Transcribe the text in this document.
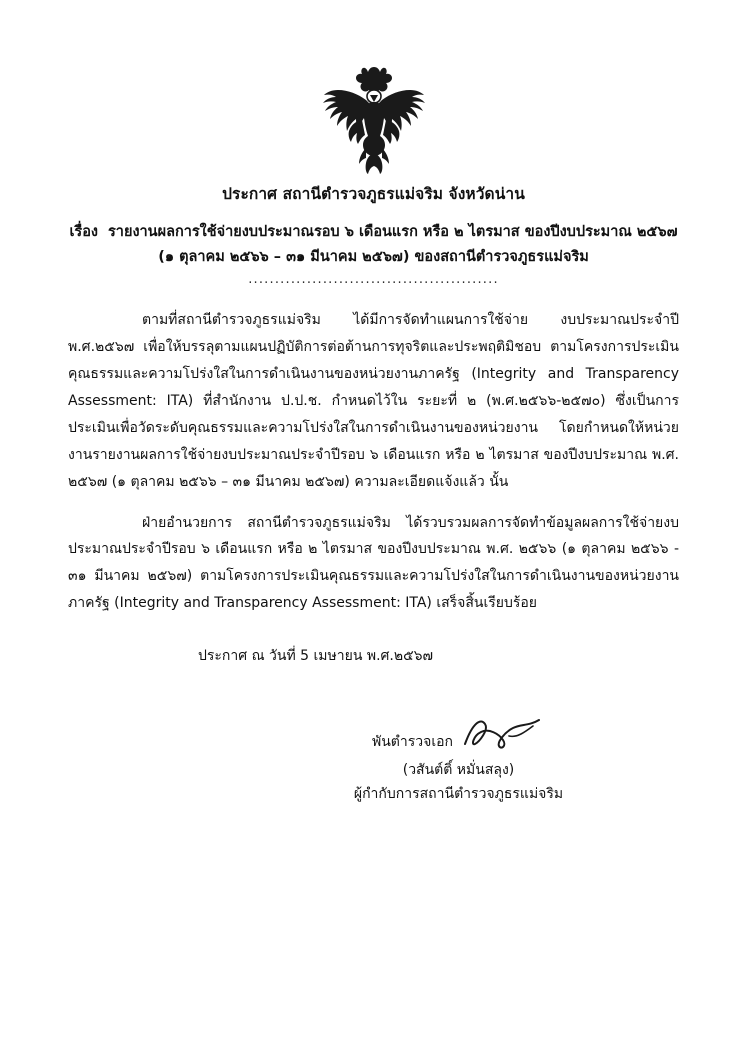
ประกาศ สถานีตำรวจภูธรแม่จริม จังหวัดน่าน
เรื่อง รายงานผลการใช้จ่ายงบประมาณรอบ ๖ เดือนแรก หรือ ๒ ไตรมาส ของปีงบประมาณ ๒๕๖๗
(๑ ตุลาคม ๒๕๖๖ – ๓๑ มีนาคม ๒๕๖๗) ของสถานีตำรวจภูธรแม่จริม
...............................................
ตามที่สถานีตำรวจภูธรแม่จริม ได้มีการจัดทำแผนการใช้จ่าย งบประมาณประจำปี พ.ศ.๒๕๖๗ เพื่อให้บรรลุตามแผนปฏิบัติการต่อต้านการทุจริตและประพฤติมิชอบ ตามโครงการประเมินคุณธรรมและความโปร่งใสในการดำเนินงานของหน่วยงานภาครัฐ (Integrity and Transparency Assessment: ITA) ที่สำนักงาน ป.ป.ช. กำหนดไว้ใน ระยะที่ ๒ (พ.ศ.๒๕๖๖-๒๕๗๐) ซึ่งเป็นการประเมินเพื่อวัดระดับคุณธรรมและความโปร่งใสในการดำเนินงานของหน่วยงาน โดยกำหนดให้หน่วยงานรายงานผลการใช้จ่ายงบประมาณประจำปีรอบ ๖ เดือนแรก หรือ ๒ ไตรมาส ของปีงบประมาณ พ.ศ. ๒๕๖๗ (๑ ตุลาคม ๒๕๖๖ – ๓๑ มีนาคม ๒๕๖๗) ความละเอียดแจ้งแล้ว นั้น
ฝ่ายอำนวยการ สถานีตำรวจภูธรแม่จริม ได้รวบรวมผลการจัดทำข้อมูลผลการใช้จ่ายงบประมาณประจำปีรอบ ๖ เดือนแรก หรือ ๒ ไตรมาส ของปีงบประมาณ พ.ศ. ๒๕๖๖ (๑ ตุลาคม ๒๕๖๖ - ๓๑ มีนาคม ๒๕๖๗) ตามโครงการประเมินคุณธรรมและความโปร่งใสในการดำเนินงานของหน่วยงานภาครัฐ (Integrity and Transparency Assessment: ITA) เสร็จสิ้นเรียบร้อย
ประกาศ ณ วันที่ 5 เมษายน พ.ศ.๒๕๖๗
พันตำรวจเอก
(วสันต์ติ์ หมั่นสลุง)
ผู้กำกับการสถานีตำรวจภูธรแม่จริม
